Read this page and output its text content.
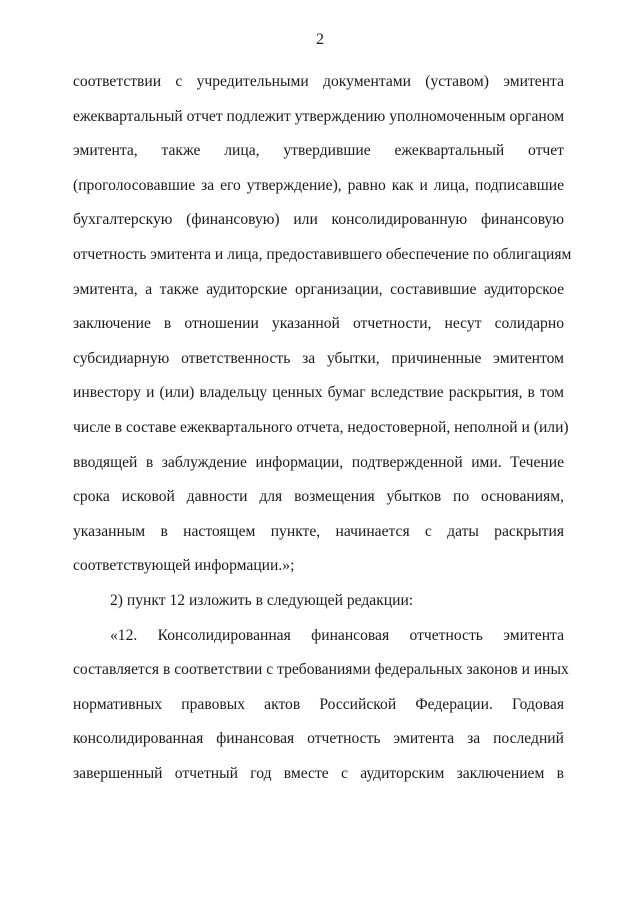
2
соответствии с учредительными документами (уставом) эмитента
ежеквартальный отчет подлежит утверждению уполномоченным органом
эмитента, также лица, утвердившие ежеквартальный отчет
(проголосовавшие за его утверждение), равно как и лица, подписавшие
бухгалтерскую (финансовую) или консолидированную финансовую
отчетность эмитента и лица, предоставившего обеспечение по облигациям
эмитента, а также аудиторские организации, составившие аудиторское
заключение в отношении указанной отчетности, несут солидарно
субсидиарную ответственность за убытки, причиненные эмитентом
инвестору и (или) владельцу ценных бумаг вследствие раскрытия, в том
числе в составе ежеквартального отчета, недостоверной, неполной и (или)
вводящей в заблуждение информации, подтвержденной ими. Течение
срока исковой давности для возмещения убытков по основаниям,
указанным в настоящем пункте, начинается с даты раскрытия
соответствующей информации.»;
2) пункт 12 изложить в следующей редакции:
«12. Консолидированная финансовая отчетность эмитента
составляется в соответствии с требованиями федеральных законов и иных
нормативных правовых актов Российской Федерации. Годовая
консолидированная финансовая отчетность эмитента за последний
завершенный отчетный год вместе с аудиторским заключением в
